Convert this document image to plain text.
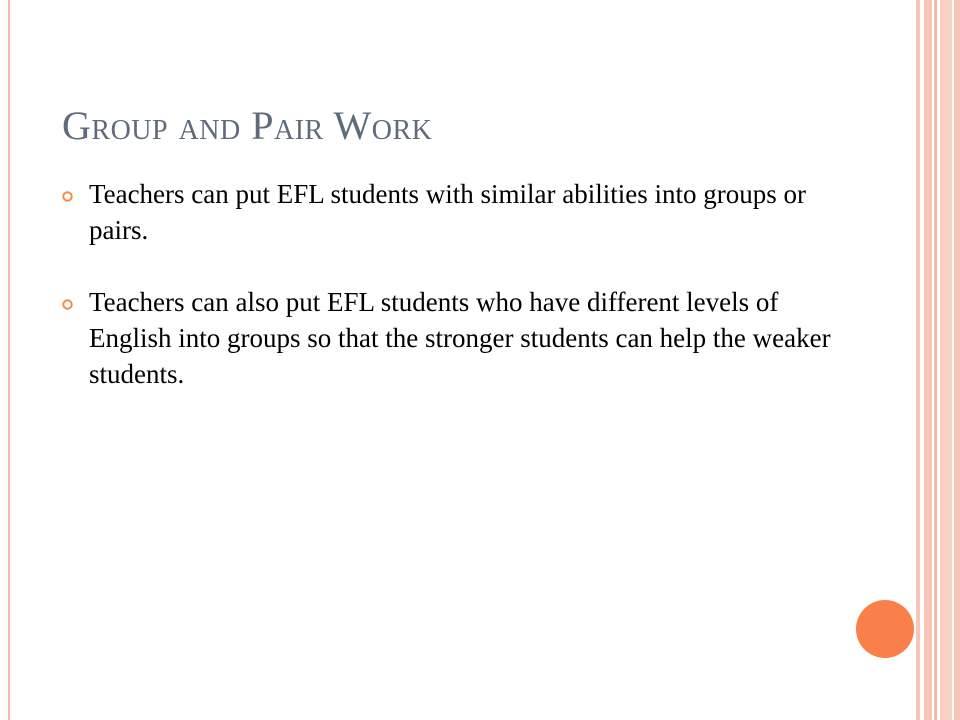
Group and Pair Work
Teachers can put EFL students with similar abilities into groups or pairs.
Teachers can also put EFL students who have different levels of English into groups so that the stronger students can help the weaker students.
